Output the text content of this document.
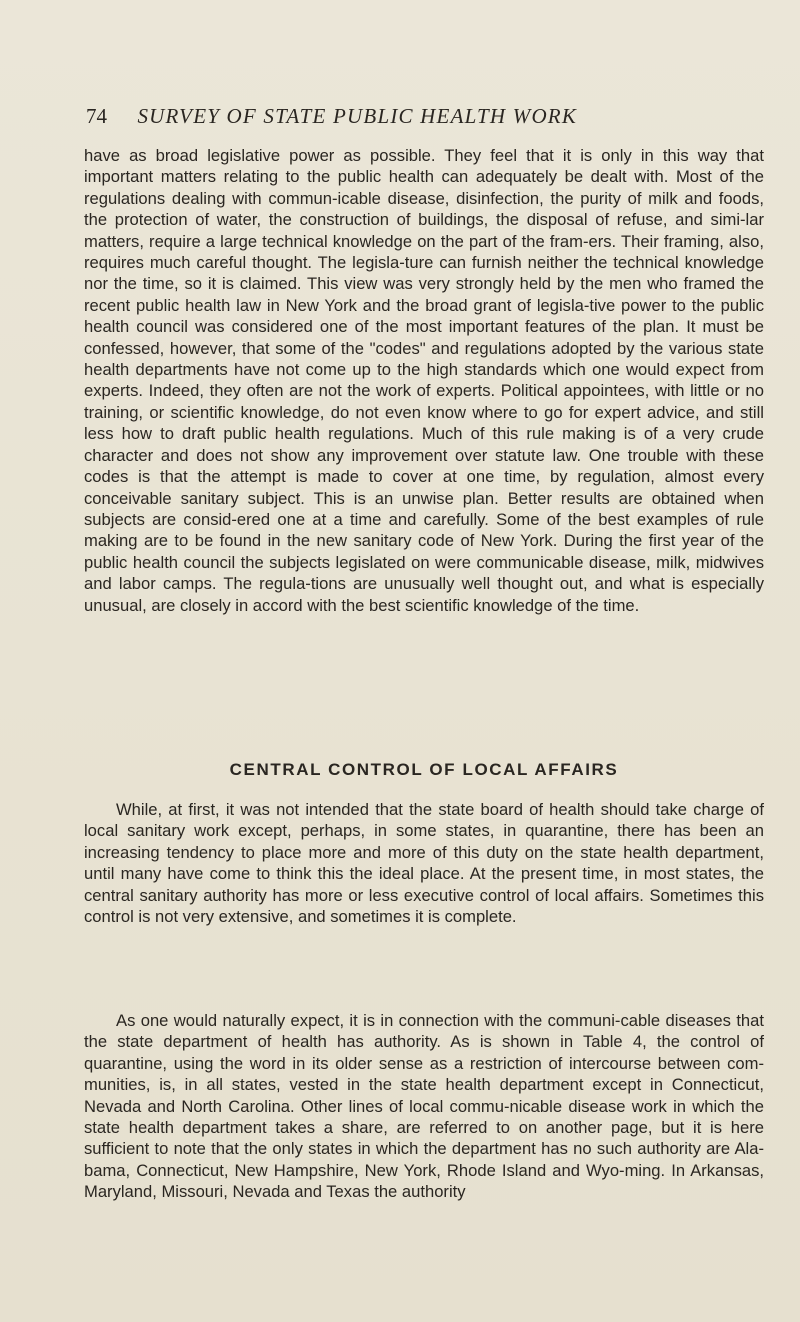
74 SURVEY OF STATE PUBLIC HEALTH WORK

have as broad legislative power as possible. They feel that it is only in this way that important matters relating to the public health can adequately be dealt with. Most of the regulations dealing with commun-icable disease, disinfection, the purity of milk and foods, the protection of water, the construction of buildings, the disposal of refuse, and simi-lar matters, require a large technical knowledge on the part of the fram-ers. Their framing, also, requires much careful thought. The legisla-ture can furnish neither the technical knowledge nor the time, so it is claimed. This view was very strongly held by the men who framed the recent public health law in New York and the broad grant of legisla-tive power to the public health council was considered one of the most important features of the plan. It must be confessed, however, that some of the "codes" and regulations adopted by the various state health departments have not come up to the high standards which one would expect from experts. Indeed, they often are not the work of experts. Political appointees, with little or no training, or scientific knowledge, do not even know where to go for expert advice, and still less how to draft public health regulations. Much of this rule making is of a very crude character and does not show any improvement over statute law. One trouble with these codes is that the attempt is made to cover at one time, by regulation, almost every conceivable sanitary subject. This is an unwise plan. Better results are obtained when subjects are consid-ered one at a time and carefully. Some of the best examples of rule making are to be found in the new sanitary code of New York. During the first year of the public health council the subjects legislated on were communicable disease, milk, midwives and labor camps. The regula-tions are unusually well thought out, and what is especially unusual, are closely in accord with the best scientific knowledge of the time.

CENTRAL CONTROL OF LOCAL AFFAIRS

While, at first, it was not intended that the state board of health should take charge of local sanitary work except, perhaps, in some states, in quarantine, there has been an increasing tendency to place more and more of this duty on the state health department, until many have come to think this the ideal place. At the present time, in most states, the central sanitary authority has more or less executive control of local affairs. Sometimes this control is not very extensive, and sometimes it is complete.

As one would naturally expect, it is in connection with the communi-cable diseases that the state department of health has authority. As is shown in Table 4, the control of quarantine, using the word in its older sense as a restriction of intercourse between com-munities, is, in all states, vested in the state health department except in Connecticut, Nevada and North Carolina. Other lines of local commu-nicable disease work in which the state health department takes a share, are referred to on another page, but it is here sufficient to note that the only states in which the department has no such authority are Ala-bama, Connecticut, New Hampshire, New York, Rhode Island and Wyo-ming. In Arkansas, Maryland, Missouri, Nevada and Texas the authority
